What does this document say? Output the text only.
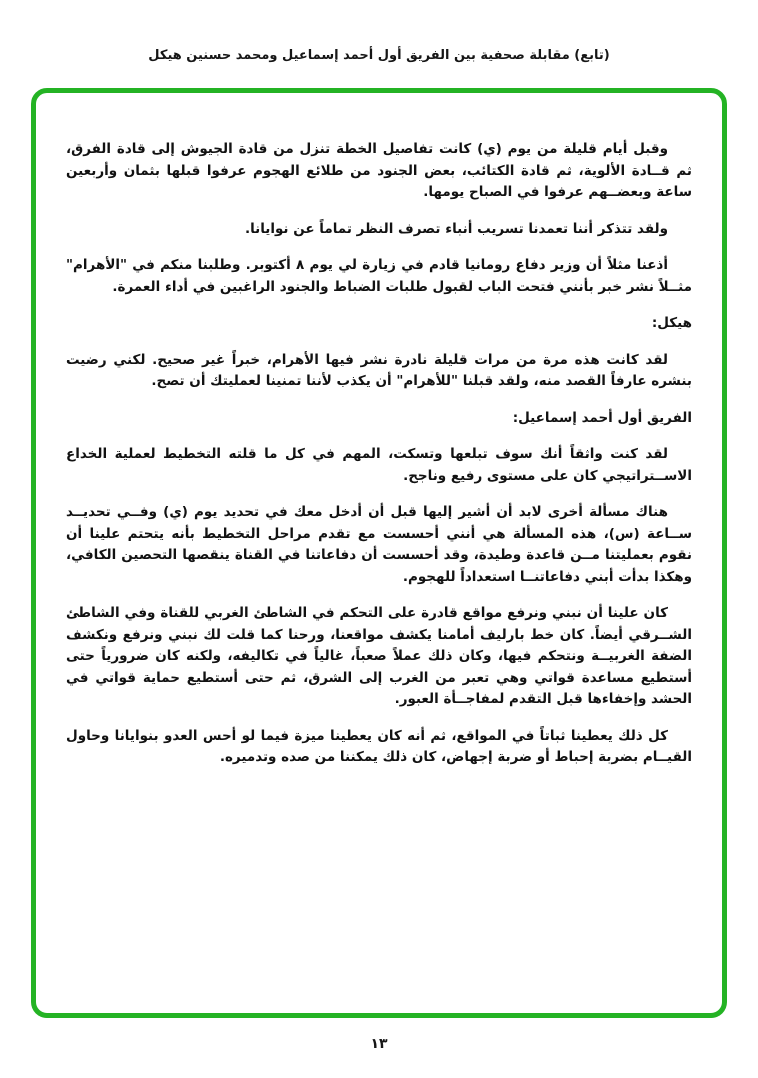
(تابع) مقابلة صحفية بين الفريق أول أحمد إسماعيل ومحمد حسنين هيكل

وقبل أيام قليلة من يوم (ي) كانت تفاصيل الخطة تنزل من قادة الجيوش إلى قادة الفرق، ثم قــادة الألوية، ثم قادة الكتائب، بعض الجنود من طلائع الهجوم عرفوا قبلها بثمان وأربعين ساعة وبعضــهم عرفوا في الصباح يومها.

ولقد تتذكر أننا تعمدنا تسريب أنباء تصرف النظر تماماً عن نوايانا.

أذعنا مثلاً أن وزير دفاع رومانيا قادم في زيارة لي يوم ٨ أكتوبر. وطلبنا منكم في "الأهرام" مثــلاً نشر خبر بأنني فتحت الباب لقبول طلبات الضباط والجنود الراغبين في أداء العمرة.

هيكل:

لقد كانت هذه مرة من مرات قليلة نادرة نشر فيها الأهرام، خبراً غير صحيح. لكني رضيت بنشره عارفاً القصد منه، ولقد قبلنا "للأهرام" أن يكذب لأننا تمنينا لعمليتك أن تصح.

الفريق أول أحمد إسماعيل:

لقد كنت واثقاً أنك سوف تبلعها وتسكت، المهم في كل ما قلته التخطيط لعملية الخداع الاســتراتيجي كان على مستوى رفيع وناجح.

هناك مسألة أخرى لابد أن أشير إليها قبل أن أدخل معك في تحديد يوم (ي) وفــي تحديــد ســاعة (س)، هذه المسألة هي أنني أحسست مع تقدم مراحل التخطيط بأنه يتحتم علينا أن نقوم بعمليتنا مــن قاعدة وطيدة، وقد أحسست أن دفاعاتنا في القناة ينقصها التحصين الكافي، وهكذا بدأت أبني دفاعاتنــا استعداداً للهجوم.

كان علينا أن نبني ونرفع مواقع قادرة على التحكم في الشاطئ الغربي للقناة وفي الشاطئ الشــرقي أيضاً. كان خط بارليف أمامنا يكشف مواقعنا، ورحنا كما قلت لك نبني ونرفع ونكشف الضفة الغربيــة ونتحكم فيها، وكان ذلك عملاً صعباً، غالياً في تكاليفه، ولكنه كان ضرورياً حتى أستطيع مساعدة قواتي وهي تعبر من الغرب إلى الشرق، ثم حتى أستطيع حماية قواتي في الحشد وإخفاءها قبل التقدم لمفاجــأة العبور.

كل ذلك يعطينا ثباتاً في المواقع، ثم أنه كان يعطينا ميزة فيما لو أحس العدو بنوايانا وحاول القيــام بضربة إحباط أو ضربة إجهاض، كان ذلك يمكننا من صده وتدميره.

١٣
